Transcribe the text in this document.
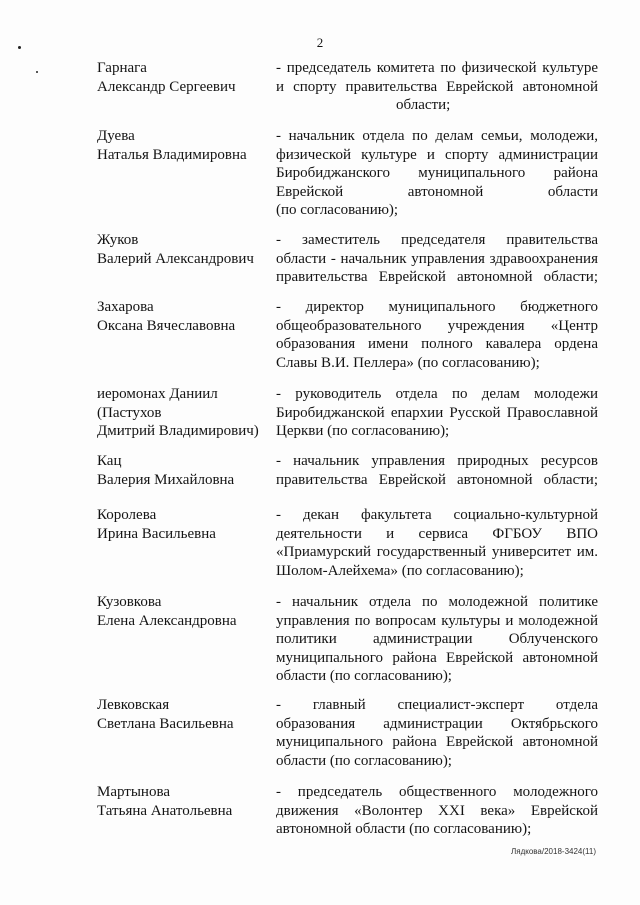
2
Гарнага
Александр Сергеевич
- председатель комитета по физической культуре
и спорту правительства Еврейской автономной
области;
Дуева
Наталья Владимировна
- начальник отдела по делам семьи, молодежи,
физической культуре и спорту администрации
Биробиджанского муниципального района
Еврейской автономной области
(по согласованию);
Жуков
Валерий Александрович
- заместитель председателя правительства
области - начальник управления здравоохранения
правительства Еврейской автономной области;
Захарова
Оксана Вячеславовна
- директор муниципального бюджетного
общеобразовательного учреждения «Центр
образования имени полного кавалера ордена
Славы В.И. Пеллера» (по согласованию);
иеромонах Даниил
(Пастухов
Дмитрий Владимирович)
- руководитель отдела по делам молодежи
Биробиджанской епархии Русской Православной
Церкви (по согласованию);
Кац
Валерия Михайловна
- начальник управления природных ресурсов
правительства Еврейской автономной области;
Королева
Ирина Васильевна
- декан факультета социально-культурной
деятельности и сервиса ФГБОУ ВПО
«Приамурский государственный университет им.
Шолом-Алейхема» (по согласованию);
Кузовкова
Елена Александровна
- начальник отдела по молодежной политике
управления по вопросам культуры и молодежной
политики администрации Облученского
муниципального района Еврейской автономной
области (по согласованию);
Левковская
Светлана Васильевна
- главный специалист-эксперт отдела
образования администрации Октябрьского
муниципального района Еврейской автономной
области (по согласованию);
Мартынова
Татьяна Анатольевна
- председатель общественного молодежного
движения «Волонтер XXI века» Еврейской
автономной области (по согласованию);
Лядкова/2018-3424(11)
